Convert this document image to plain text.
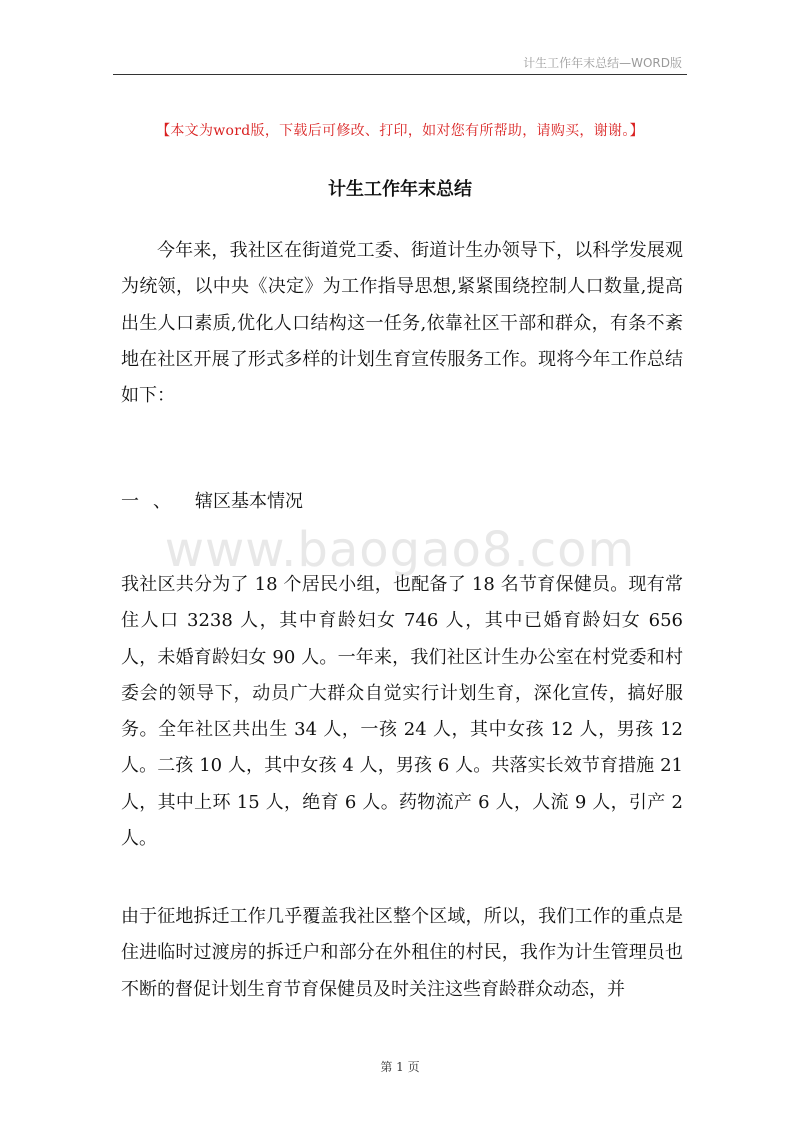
计生工作年末总结—WORD版
【本文为word版，下载后可修改、打印，如对您有所帮助，请购买，谢谢。】
计生工作年末总结
今年来，我社区在街道党工委、街道计生办领导下，以科学发展观为统领，以中央《决定》为工作指导思想,紧紧围绕控制人口数量,提高出生人口素质,优化人口结构这一任务,依靠社区干部和群众，有条不紊地在社区开展了形式多样的计划生育宣传服务工作。现将今年工作总结如下：
一 、 辖区基本情况
www.baogao8.com
我社区共分为了 18 个居民小组，也配备了 18 名节育保健员。现有常住人口 3238 人，其中育龄妇女 746 人，其中已婚育龄妇女 656 人，未婚育龄妇女 90 人。一年来，我们社区计生办公室在村党委和村委会的领导下，动员广大群众自觉实行计划生育，深化宣传，搞好服务。全年社区共出生 34 人，一孩 24 人，其中女孩 12 人，男孩 12 人。二孩 10 人，其中女孩 4 人，男孩 6 人。共落实长效节育措施 21 人，其中上环 15 人，绝育 6 人。药物流产 6 人，人流 9 人，引产 2 人。
由于征地拆迁工作几乎覆盖我社区整个区域，所以，我们工作的重点是住进临时过渡房的拆迁户和部分在外租住的村民，我作为计生管理员也不断的督促计划生育节育保健员及时关注这些育龄群众动态，并
第 1 页
